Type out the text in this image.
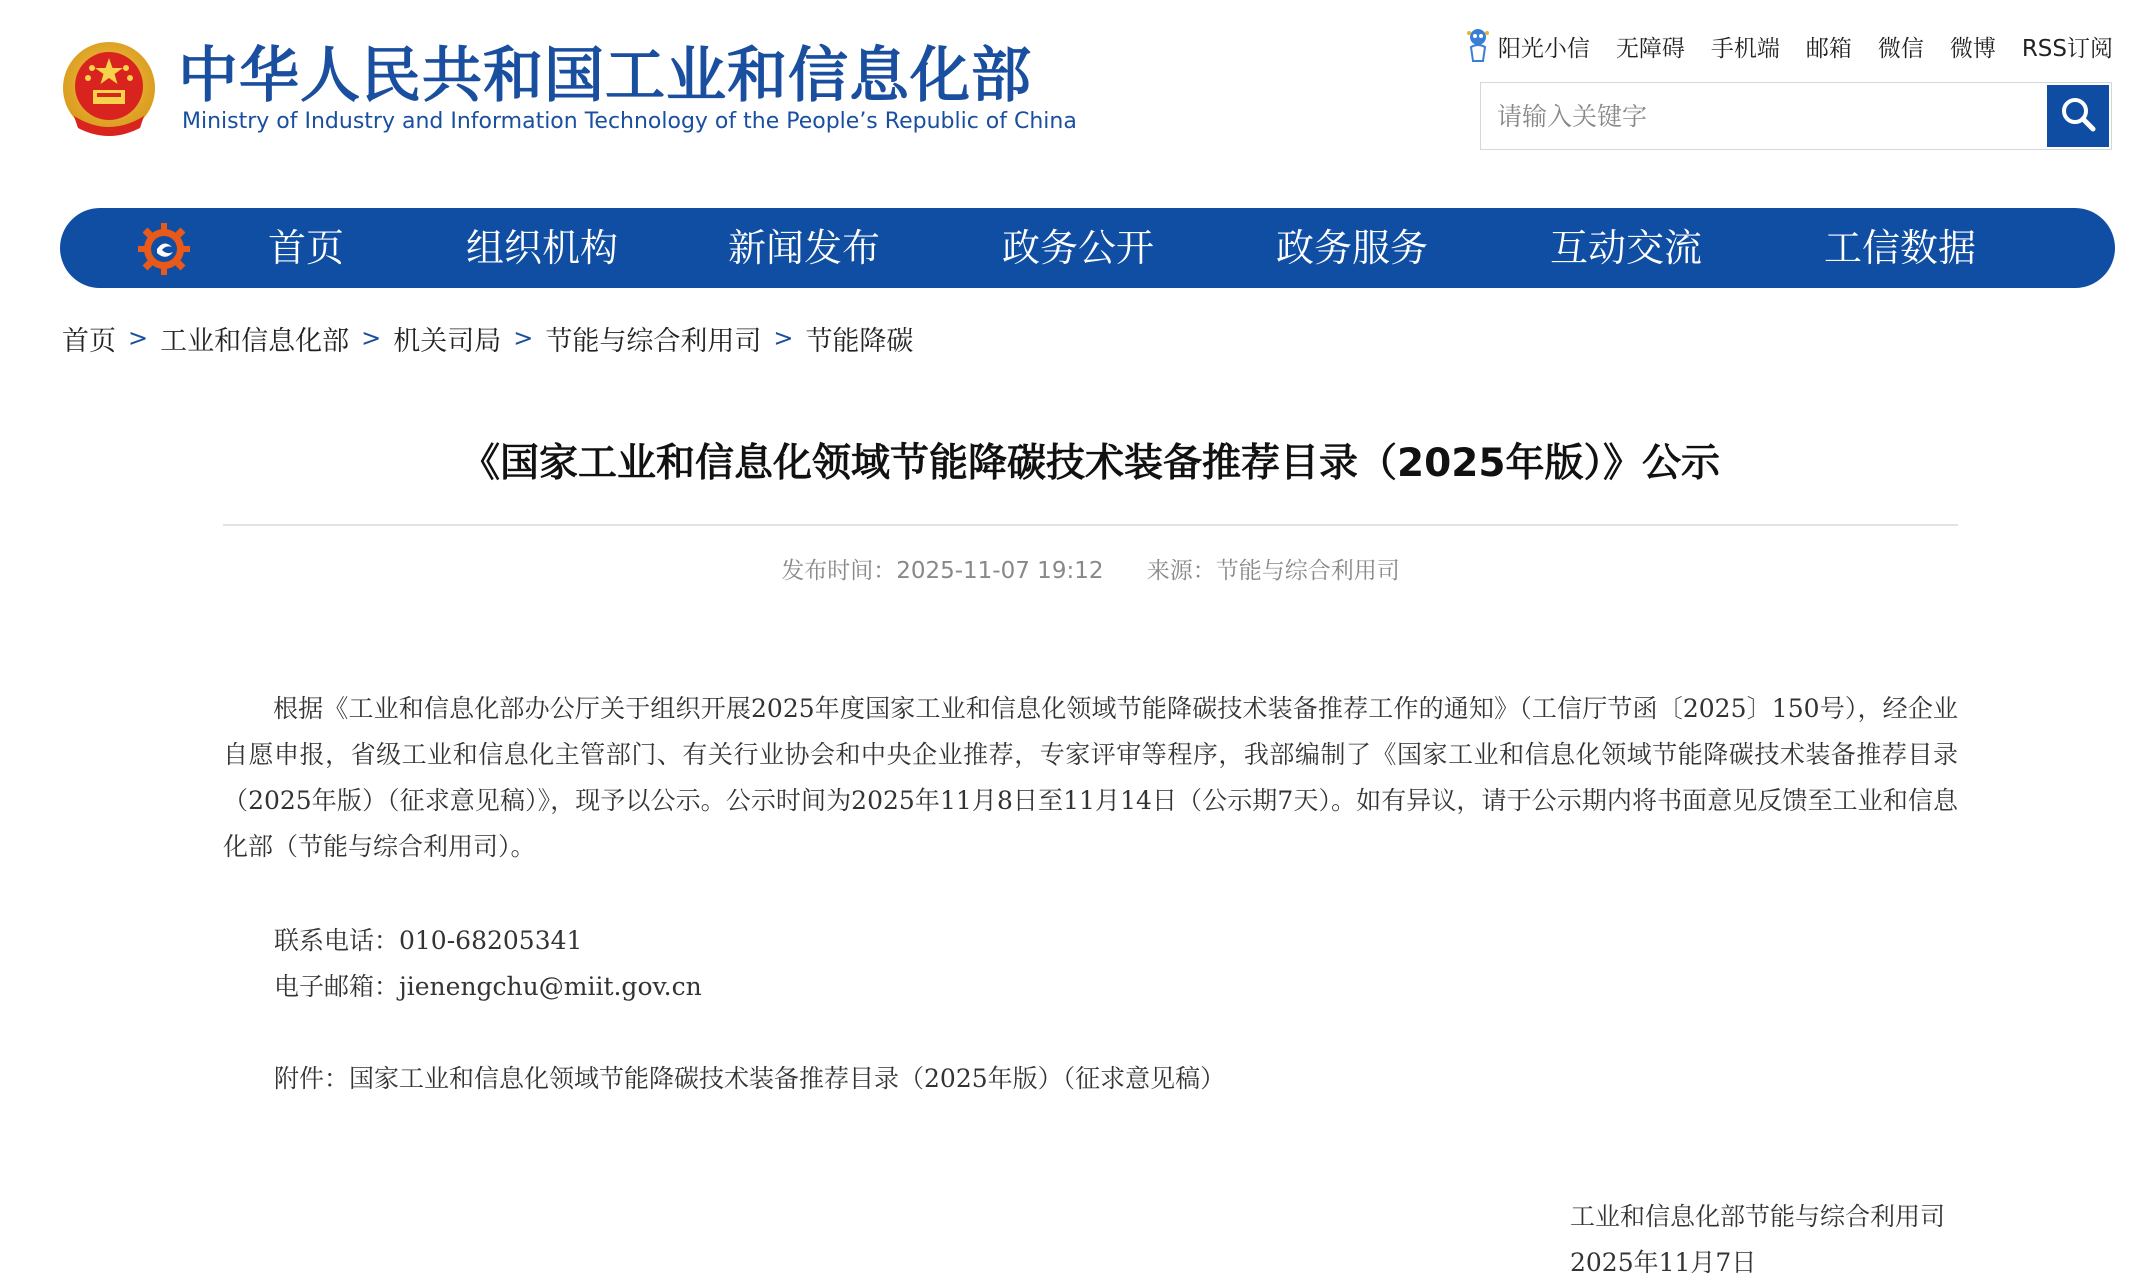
中华人民共和国工业和信息化部
Ministry of Industry and Information Technology of the People’s Republic of China
阳光小信 无障碍 手机端 邮箱 微信 微博 RSS订阅
请输入关键字
首页	组织机构	新闻发布	政务公开	政务服务	互动交流	工信数据
首页 > 工业和信息化部 > 机关司局 > 节能与综合利用司 > 节能降碳
《国家工业和信息化领域节能降碳技术装备推荐目录（2025年版）》公示
发布时间：2025-11-07 19:12 来源：节能与综合利用司

根据《工业和信息化部办公厅关于组织开展2025年度国家工业和信息化领域节能降碳技术装备推荐工作的通知》（工信厅节函〔2025〕150号），经企业自愿申报，省级工业和信息化主管部门、有关行业协会和中央企业推荐，专家评审等程序，我部编制了《国家工业和信息化领域节能降碳技术装备推荐目录（2025年版）（征求意见稿）》，现予以公示。公示时间为2025年11月8日至11月14日（公示期7天）。如有异议，请于公示期内将书面意见反馈至工业和信息化部（节能与综合利用司）。

联系电话：010-68205341
电子邮箱：jienengchu@miit.gov.cn
附件：国家工业和信息化领域节能降碳技术装备推荐目录（2025年版）（征求意见稿）
工业和信息化部节能与综合利用司
2025年11月7日
